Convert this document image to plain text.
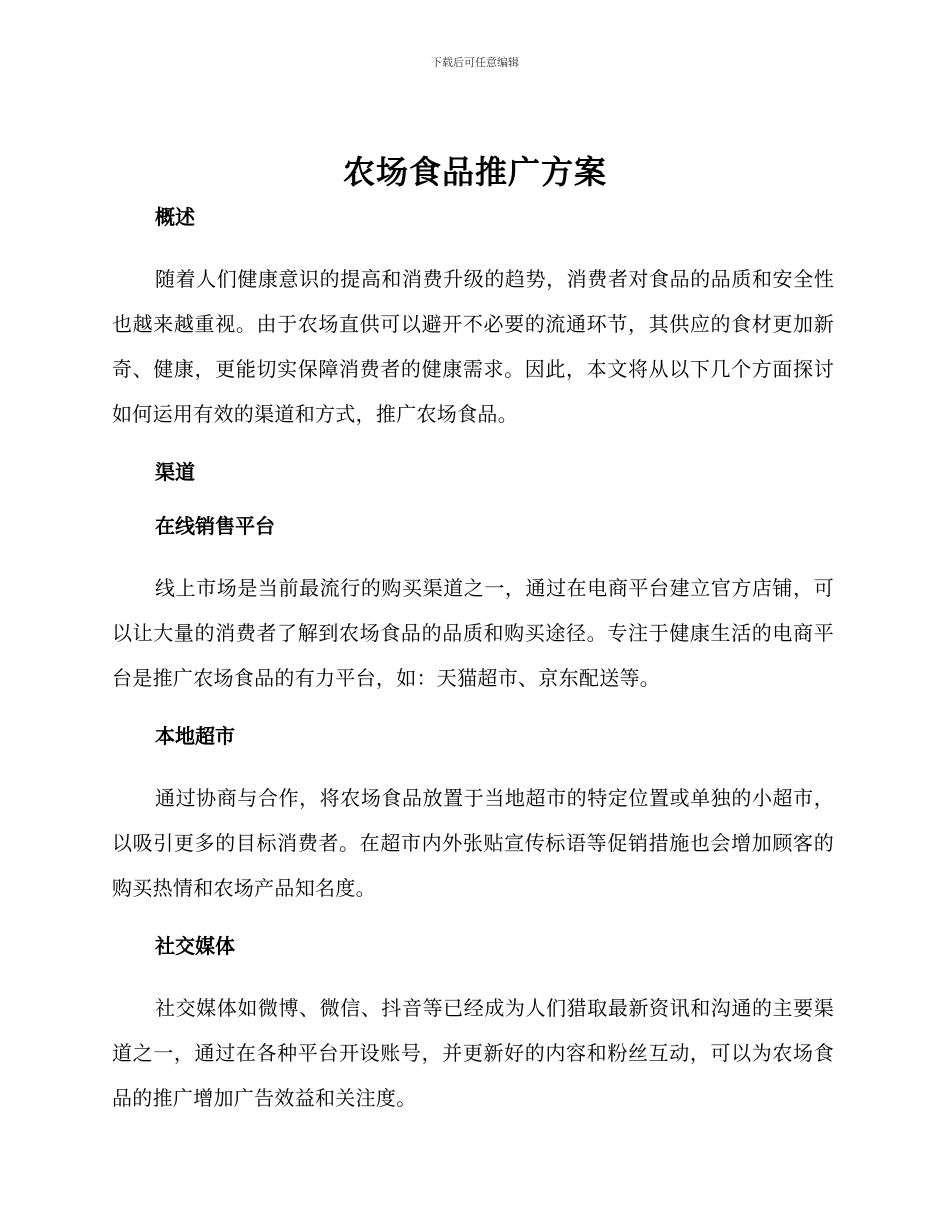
下载后可任意编辑
农场食品推广方案

概述

随着人们健康意识的提高和消费升级的趋势，消费者对食品的品质和安全性也越来越重视。由于农场直供可以避开不必要的流通环节，其供应的食材更加新奇、健康，更能切实保障消费者的健康需求。因此，本文将从以下几个方面探讨如何运用有效的渠道和方式，推广农场食品。

渠道

在线销售平台

线上市场是当前最流行的购买渠道之一，通过在电商平台建立官方店铺，可以让大量的消费者了解到农场食品的品质和购买途径。专注于健康生活的电商平台是推广农场食品的有力平台，如：天猫超市、京东配送等。

本地超市

通过协商与合作，将农场食品放置于当地超市的特定位置或单独的小超市，以吸引更多的目标消费者。在超市内外张贴宣传标语等促销措施也会增加顾客的购买热情和农场产品知名度。

社交媒体

社交媒体如微博、微信、抖音等已经成为人们猎取最新资讯和沟通的主要渠道之一，通过在各种平台开设账号，并更新好的内容和粉丝互动，可以为农场食品的推广增加广告效益和关注度。
